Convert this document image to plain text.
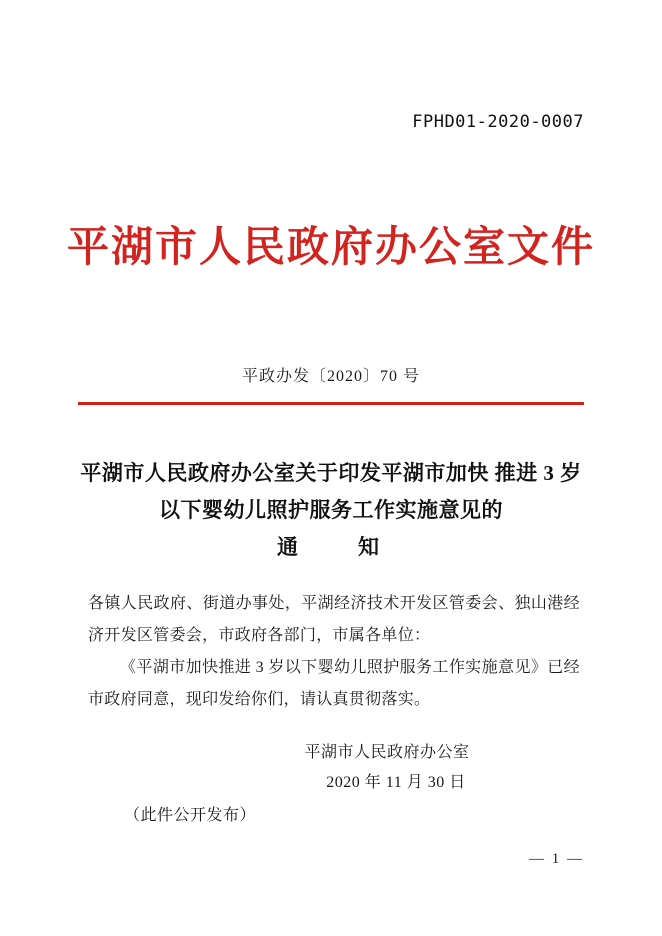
FPHD01-2020-0007
平湖市人民政府办公室文件
平政办发〔2020〕70 号
平湖市人民政府办公室关于印发平湖市加快 推进 3 岁以下婴幼儿照护服务工作实施意见的
通　　知

各镇人民政府、街道办事处，平湖经济技术开发区管委会、独山港经济开发区管委会，市政府各部门，市属各单位：

《平湖市加快推进 3 岁以下婴幼儿照护服务工作实施意见》已经市政府同意，现印发给你们，请认真贯彻落实。

平湖市人民政府办公室
2020 年 11 月 30 日
（此件公开发布）
— 1 —
